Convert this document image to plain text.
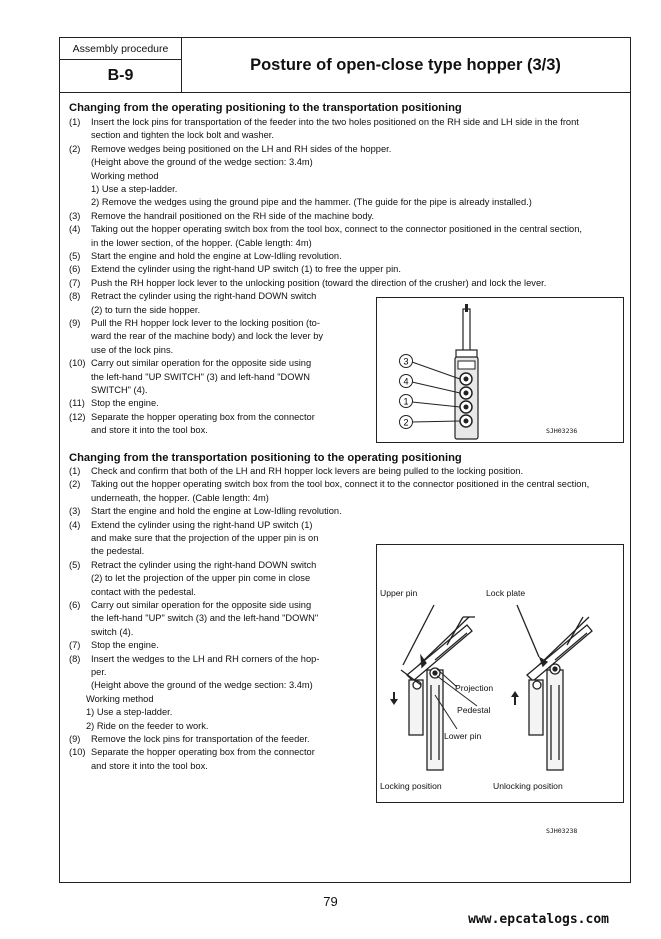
Assembly procedure
B-9
Posture of open-close type hopper (3/3)
Changing from the operating positioning to the transportation positioning
(1) Insert the lock pins for transportation of the feeder into the two holes positioned on the RH side and LH side in the front
section and tighten the lock bolt and washer.
(2) Remove wedges being positioned on the LH and RH sides of the hopper.
(Height above the ground of the wedge section: 3.4m)
Working method
1) Use a step-ladder.
2) Remove the wedges using the ground pipe and the hammer. (The guide for the pipe is already installed.)
(3) Remove the handrail positioned on the RH side of the machine body.
(4) Taking out the hopper operating switch box from the tool box, connect to the connector positioned in the central section,
in the lower section, of the hopper. (Cable length: 4m)
(5) Start the engine and hold the engine at Low-Idling revolution.
(6) Extend the cylinder using the right-hand UP switch (1) to free the upper pin.
(7) Push the RH hopper lock lever to the unlocking position (toward the direction of the crusher) and lock the lever.
(8) Retract the cylinder using the right-hand DOWN switch
(2) to turn the side hopper.
(9) Pull the RH hopper lock lever to the locking position (to-
ward the rear of the machine body) and lock the lever by
use of the lock pins.
(10) Carry out similar operation for the opposite side using
the left-hand "UP SWITCH" (3) and left-hand "DOWN
SWITCH" (4).
(11) Stop the engine.
(12) Separate the hopper operating box from the connector
and store it into the tool box.
3
4
1
2
SJH03236
Changing from the transportation positioning to the operating positioning
(1) Check and confirm that both of the LH and RH hopper lock levers are being pulled to the locking position.
(2) Taking out the hopper operating switch box from the tool box, connect it to the connector positioned in the central section,
underneath, the hopper. (Cable length: 4m)
(3) Start the engine and hold the engine at Low-Idling revolution.
(4) Extend the cylinder using the right-hand UP switch (1)
and make sure that the projection of the upper pin is on
the pedestal.
(5) Retract the cylinder using the right-hand DOWN switch
(2) to let the projection of the upper pin come in close
contact with the pedestal.
(6) Carry out similar operation for the opposite side using
the left-hand "UP" switch (3) and the left-hand "DOWN"
switch (4).
(7) Stop the engine.
(8) Insert the wedges to the LH and RH corners of the hop-
per.
(Height above the ground of the wedge section: 3.4m)
Working method
1) Use a step-ladder.
2) Ride on the feeder to work.
(9) Remove the lock pins for transportation of the feeder.
(10) Separate the hopper operating box from the connector
and store it into the tool box.
Upper pin	Lock plate
Projection
Pedestal
Lower pin
Locking position	Unlocking position
SJH03238
79
www.epcatalogs.com
